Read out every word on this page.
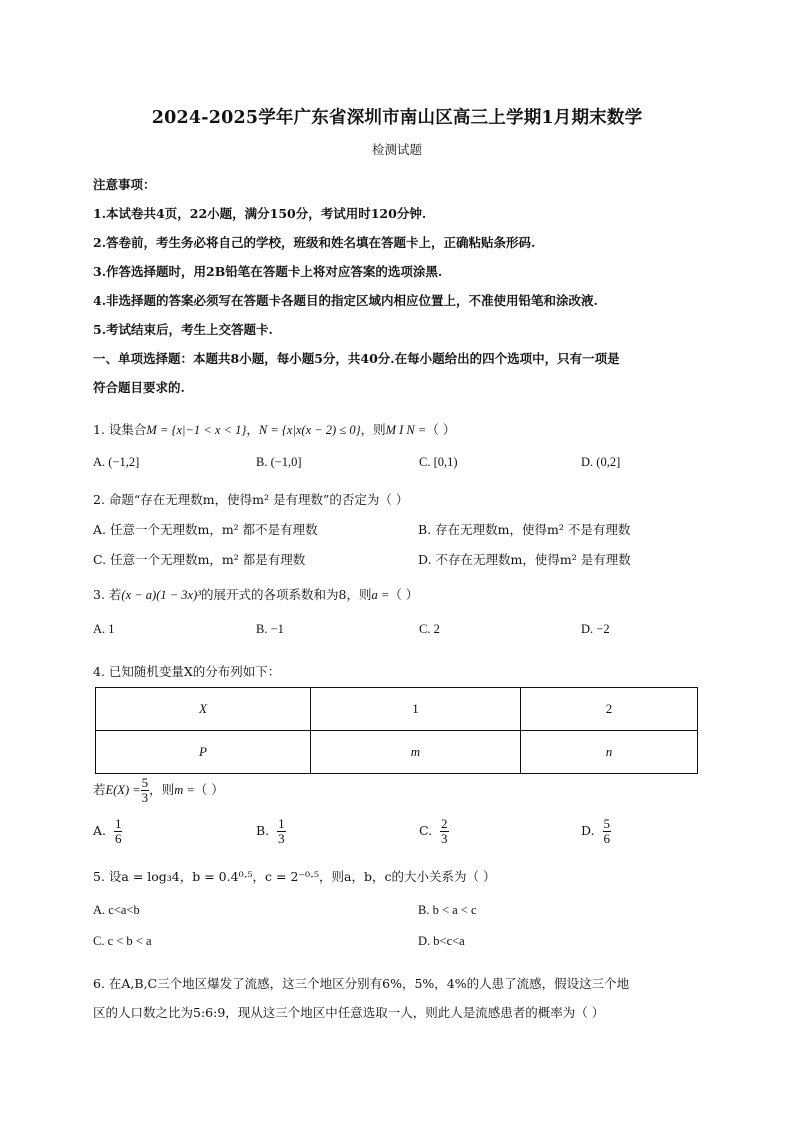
2024-2025学年广东省深圳市南山区高三上学期1月期末数学
检测试题
注意事项：
1.本试卷共4页，22小题，满分150分，考试用时120分钟.
2.答卷前，考生务必将自己的学校，班级和姓名填在答题卡上，正确粘贴条形码.
3.作答选择题时，用2B铅笔在答题卡上将对应答案的选项涂黑.
4.非选择题的答案必须写在答题卡各题目的指定区域内相应位置上，不准使用铅笔和涂改液.
5.考试结束后，考生上交答题卡.
一、单项选择题：本题共8小题，每小题5分，共40分.在每小题给出的四个选项中，只有一项是
符合题目要求的.
1. 设集合M = {x|−1 < x < 1}，N = {x|x(x − 2) ≤ 0}，则M I N =（ ）
A. (−1,2]	B. (−1,0]	C. [0,1)	D. (0,2]
2. 命题“存在无理数m，使得m² 是有理数”的否定为（ ）
A. 任意一个无理数m，m² 都不是有理数	B. 存在无理数m，使得m² 不是有理数
C. 任意一个无理数m，m² 都是有理数	D. 不存在无理数m，使得m² 是有理数
3. 若(x − a)(1 − 3x)³的展开式的各项系数和为8，则a =（ ）
A. 1	B. −1	C. 2	D. −2
4. 已知随机变量X的分布列如下：
X	1	2
P	m	n
若$E(X) = \frac{5}{3}$ ，则m =（ ）
A. $\frac{1}{6}$	B. $\frac{1}{3}$	C. $\frac{2}{3}$	D. $\frac{5}{6}$
5. 设a = log₃4，b = 0.4⁰·⁵，c = 2⁻⁰·⁵，则a，b，c的大小关系为（ ）
A. c<a<b	B. b < a < c
C. c < b < a	D. b<c<a
6. 在A,B,C三个地区爆发了流感，这三个地区分别有6%，5%，4%的人患了流感，假设这三个地
区的人口数之比为5:6:9，现从这三个地区中任意选取一人，则此人是流感患者的概率为（ ）
